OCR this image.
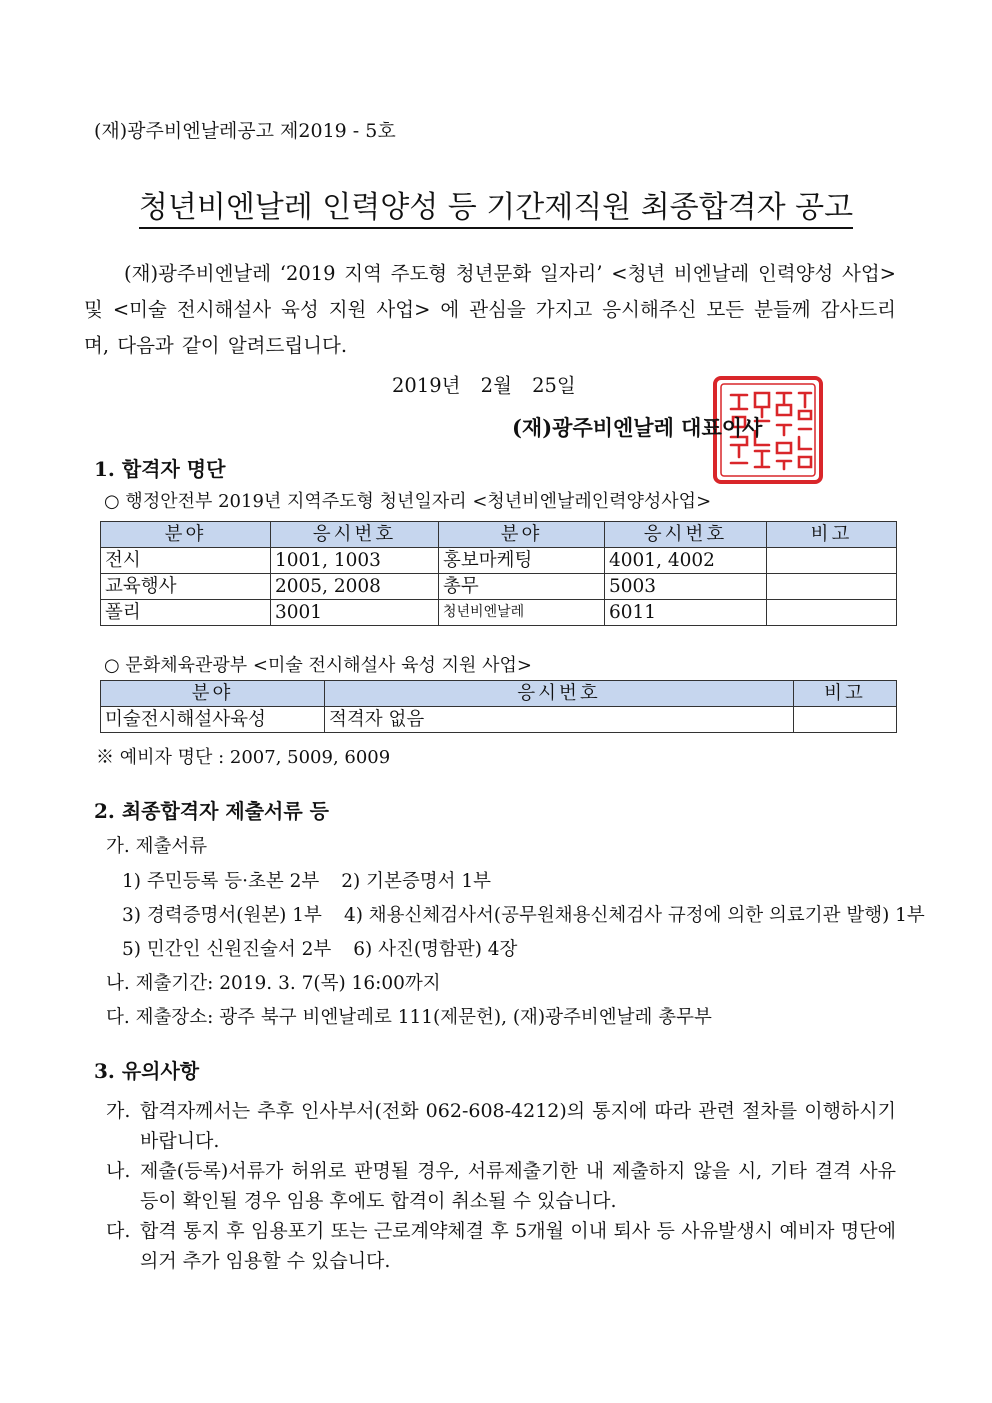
(재)광주비엔날레공고 제2019 - 5호

청년비엔날레 인력양성 등 기간제직원 최종합격자 공고

(재)광주비엔날레 ‘2019 지역 주도형 청년문화 일자리’ <청년 비엔날레 인력양성 사업> 및 <미술 전시해설사 육성 지원 사업> 에 관심을 가지고 응시해주신 모든 분들께 감사드리며, 다음과 같이 알려드립니다.

2019년 2월 25일

(재)광주비엔날레 대표이사

1. 합격자 명단

○ 행정안전부 2019년 지역주도형 청년일자리 <청년비엔날레인력양성사업>

분야	응시번호	분야	응시번호	비고
전시	1001, 1003	홍보마케팅	4001, 4002	
교육행사	2005, 2008	총무	5003	
폴리	3001	청년비엔날레	6011	

○ 문화체육관광부 <미술 전시해설사 육성 지원 사업>

분야	응시번호	비고
미술전시해설사육성	적격자 없음	

※ 예비자 명단 : 2007, 5009, 6009

2. 최종합격자 제출서류 등

가. 제출서류

1) 주민등록 등·초본 2부 2) 기본증명서 1부

3) 경력증명서(원본) 1부 4) 채용신체검사서(공무원채용신체검사 규정에 의한 의료기관 발행) 1부

5) 민간인 신원진술서 2부 6) 사진(명함판) 4장

나. 제출기간: 2019. 3. 7(목) 16:00까지

다. 제출장소: 광주 북구 비엔날레로 111(제문헌), (재)광주비엔날레 총무부

3. 유의사항
가. 합격자께서는 추후 인사부서(전화 062-608-4212)의 통지에 따라 관련 절차를 이행하시기 바랍니다.
나. 제출(등록)서류가 허위로 판명될 경우, 서류제출기한 내 제출하지 않을 시, 기타 결격 사유 등이 확인될 경우 임용 후에도 합격이 취소될 수 있습니다.
다. 합격 통지 후 임용포기 또는 근로계약체결 후 5개월 이내 퇴사 등 사유발생시 예비자 명단에 의거 추가 임용할 수 있습니다.
